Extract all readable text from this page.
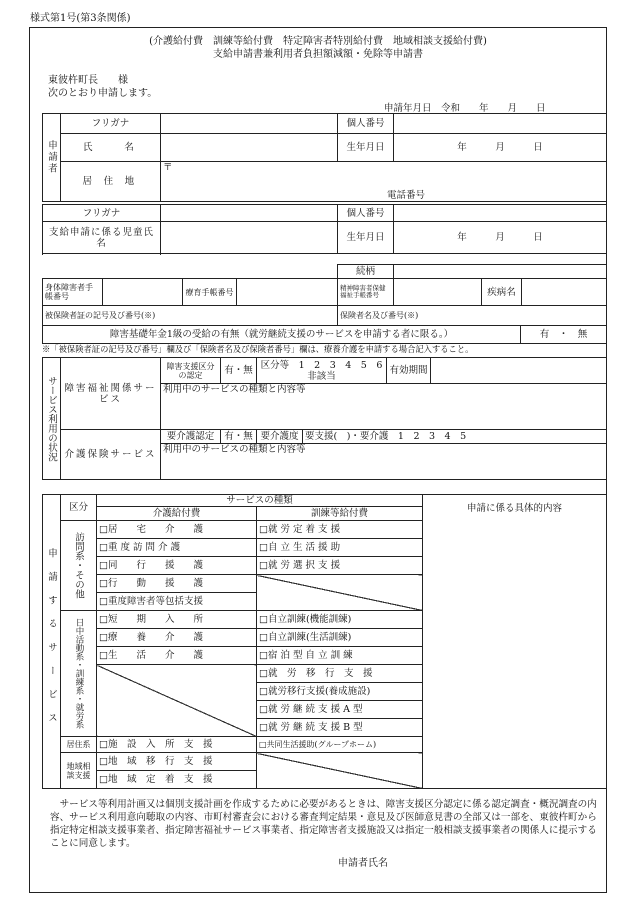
様式第1号(第3条関係)
(介護給付費　訓練等給付費　特定障害者特別給付費　地域相談支援給付費)
支給申請書兼利用者負担額減額・免除等申請書
東彼杵町長　　様
次のとおり申請します。
申請年月日　令和　　年　　月　　日
申請者	フリガナ		個人番号	

	氏　　名		生年月日	年　　　月　　　日
	居 住 地	〒
電話番号		
フリガナ		個人番号	

支給申請に係る児童氏名		生年月日	年　　　月　　　日

続柄	
身体障害者手帳番号		療育手帳番号		精神障害者保健福祉手帳番号		疾病名	
被保険者証の記号及び番号(※)	保険者名及び番号(※)
障害基礎年金1級の受給の有無（就労継続支援のサービスを申請する者に限る。）	有　 ・　 無
※「被保険者証の記号及び番号」欄及び「保険者名及び保険者番号」欄は、療養介護を申請する場合記入すること。
サービス利用の状況	障害福祉関係サービス	障害支援区分の認定	有・無	区分等　1　2　3　4　5　6
非該当		有効期間	
		利用中のサービスの種類と内容等					
	介護保険サービス	要介護認定	有・無	要介護度	要支援(　)・要介護　1　2　3　4　5		
		利用中のサービスの種類と内容等					
申請するサービス	区分	サービスの種類		申請に係る具体的内容
		介護給付費	訓練等給付費	

	訪問系・その他	□居　　宅　　介　　護	□就 労 定 着 支 援	
		□重 度 訪 問 介 護	□自 立 生 活 援 助	
		□同　　行　　援　　護	□就 労 選 択 支 援	
		□行　　動　　援　　護		
		□重度障害者等包括支援		

	日中活動系・訓練系・就労系	□短　　期　　入　　所	□自立訓練(機能訓練)	
		□療　　養　　介　　護	□自立訓練(生活訓練)	
		□生　　活　　介　　護	□宿 泊 型 自 立 訓 練	
			□就　労　移　行　支　援	
			□就労移行支援(養成施設)	
			□就 労 継 続 支 援 A 型	
			□就 労 継 続 支 援 B 型	
	居住系	□施　設　入　所　支　援	□共同生活援助(グループホーム)	
	地域相談支援	□地　域　移　行　支　援		
		□地　域　定　着　支　援		
サービス等利用計画又は個別支援計画を作成するために必要があるときは、障害支援区分認定に係る認定調査・概況調査の内容、サービス利用意向聴取の内容、市町村審査会における審査判定結果・意見及び医師意見書の全部又は一部を、東彼杵町から指定特定相談支援事業者、指定障害福祉サービス事業者、指定障害者支援施設又は指定一般相談支援事業者の関係人に提示することに同意します。
申請者氏名
